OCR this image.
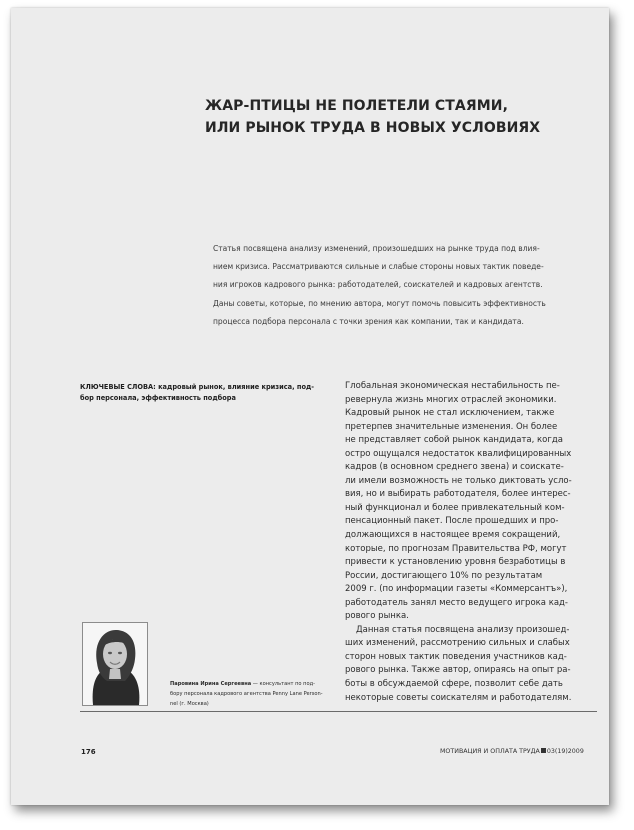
ЖАР-ПТИЦЫ НЕ ПОЛЕТЕЛИ СТАЯМИ,
ИЛИ РЫНОК ТРУДА В НОВЫХ УСЛОВИЯХ

Статья посвящена анализу изменений, произошедших на рынке труда под влия-
нием кризиса. Рассматриваются сильные и слабые стороны новых тактик поведе-
ния игроков кадрового рынка: работодателей, соискателей и кадровых агентств.
Даны советы, которые, по мнению автора, могут помочь повысить эффективность
процесса подбора персонала с точки зрения как компании, так и кандидата.

КЛЮЧЕВЫЕ СЛОВА: кадровый рынок, влияние кризиса, под-
бор персонала, эффективность подбора

Глобальная экономическая нестабильность пе-
ревернула жизнь многих отраслей экономики.
Кадровый рынок не стал исключением, также
претерпев значительные изменения. Он более
не представляет собой рынок кандидата, когда
остро ощущался недостаток квалифицированных
кадров (в основном среднего звена) и соискате-
ли имели возможность не только диктовать усло-
вия, но и выбирать работодателя, более интерес-
ный функционал и более привлекательный ком-
пенсационный пакет. После прошедших и про-
должающихся в настоящее время сокращений,
которые, по прогнозам Правительства РФ, могут
привести к установлению уровня безработицы в
России, достигающего 10% по результатам
2009 г. (по информации газеты «Коммерсантъ»),
работодатель занял место ведущего игрока кад-
рового рынка.
Данная статья посвящена анализу произошед-
ших изменений, рассмотрению сильных и слабых
сторон новых тактик поведения участников кад-
рового рынка. Также автор, опираясь на опыт ра-
боты в обсуждаемой сфере, позволит себе дать
некоторые советы соискателям и работодателям.

Паровина Ирина Сергеевна — консультант по под-
бору персонала кадрового агентства Penny Lane Person-
nel (г. Москва)

176	МОТИВАЦИЯ И ОПЛАТА ТРУДА 03(19)2009
